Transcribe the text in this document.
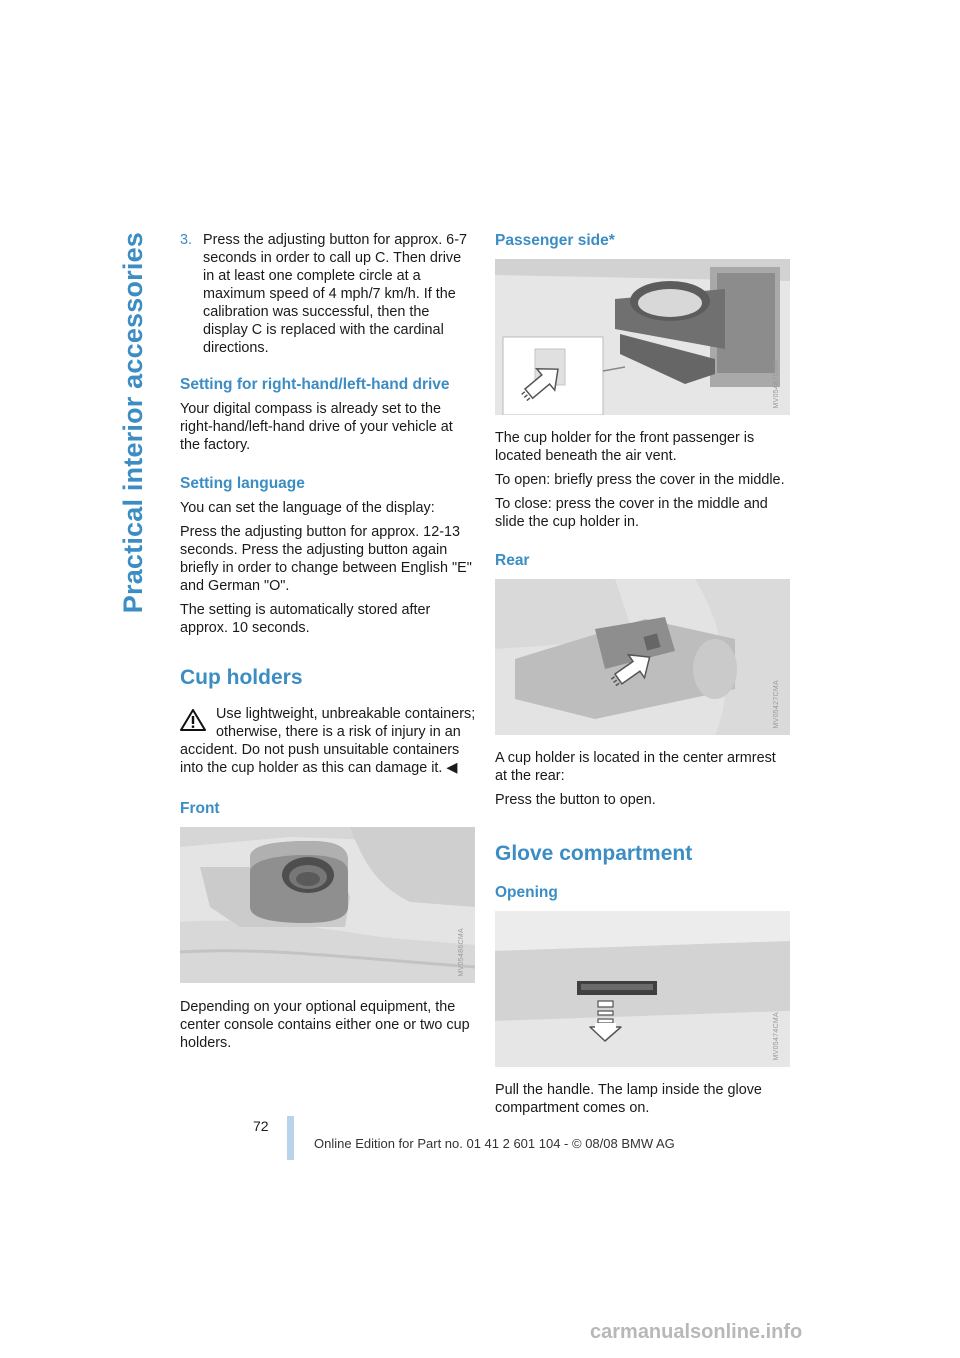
Practical interior accessories 3. Press the adjusting button for approx. 6-7 seconds in order to call up C. Then drive in at least one complete circle at a maximum speed of 4 mph/7 km/h. If the calibration was successful, then the display C is replaced with the cardinal directions.
Setting for right-hand/left-hand drive

Your digital compass is already set to the right-hand/left-hand drive of your vehicle at the factory.

Setting language

You can set the language of the display:

Press the adjusting button for approx. 12-13 seconds. Press the adjusting button again briefly in order to change between English "E" and German "O".

The setting is automatically stored after approx. 10 seconds.

Cup holders
Use lightweight, unbreakable containers;
otherwise, there is a risk of injury in an
accident. Do not push unsuitable containers into the cup holder as this can damage it. ◀
Front
MV05486CMA

Depending on your optional equipment, the center console contains either one or two cup holders.

Passenger side*
MV05487CMA

The cup holder for the front passenger is located beneath the air vent.

To open: briefly press the cover in the middle.

To close: press the cover in the middle and slide the cup holder in.

Rear
MV05427CMA

A cup holder is located in the center armrest at the rear:

Press the button to open.

Glove compartment
Opening
MV05474CMA

Pull the handle. The lamp inside the glove compartment comes on.

72
Online Edition for Part no. 01 41 2 601 104 - © 08/08 BMW AG
carmanualsonline.info
